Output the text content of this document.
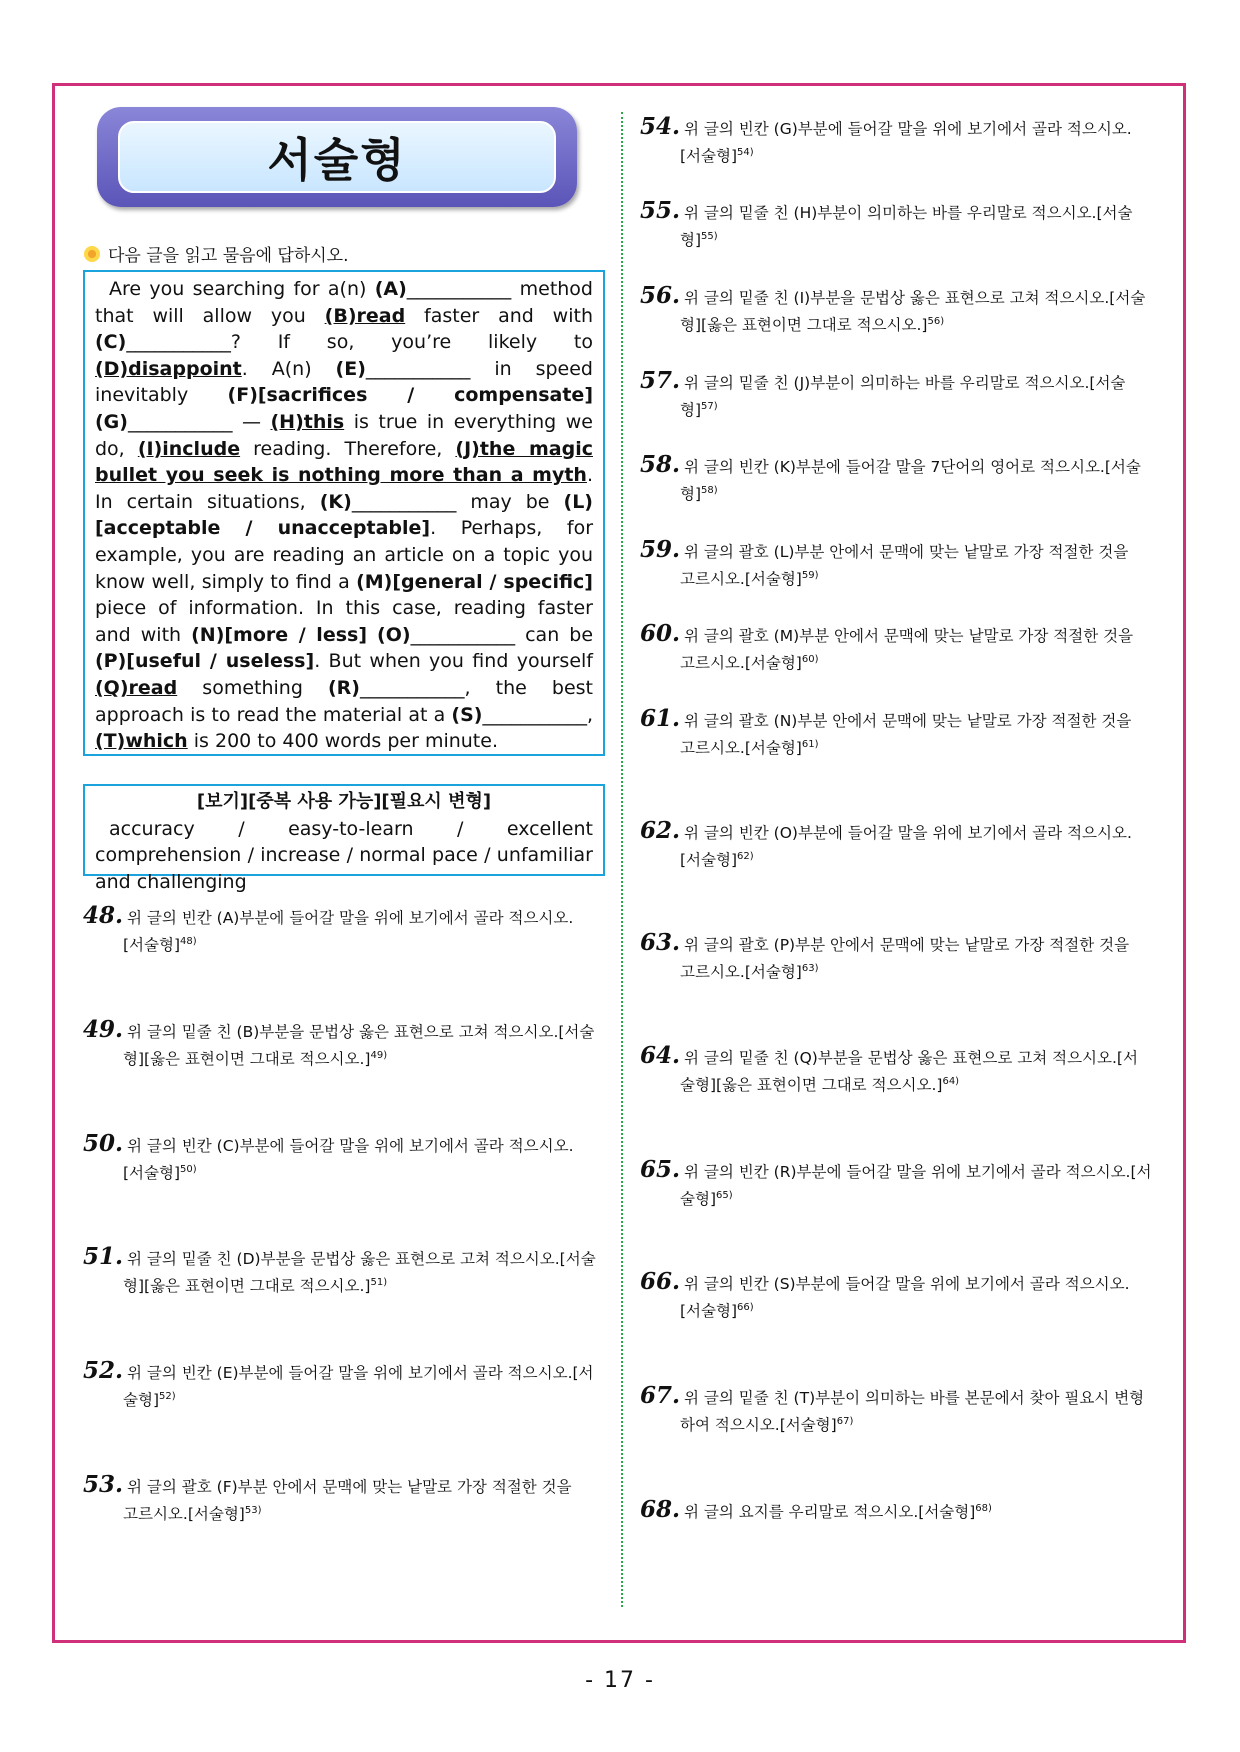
서술형
다음 글을 읽고 물음에 답하시오.
Are you searching for a(n) (A)___________ method that will allow you (B)read faster and with (C)___________? If so, you’re likely to (D)disappoint. A(n) (E)___________ in speed inevitably (F)[sacrifices / compensate] (G)___________ — (H)this is true in everything we do, (I)include reading. Therefore, (J)the magic bullet you seek is nothing more than a myth. In certain situations, (K)___________ may be (L)[acceptable / unacceptable]. Perhaps, for example, you are reading an article on a topic you know well, simply to find a (M)[general / specific] piece of information. In this case, reading faster and with (N)[more / less] (O)___________ can be (P)[useful / useless]. But when you find yourself (Q)read something (R)___________, the best approach is to read the material at a (S)___________, (T)which is 200 to 400 words per minute.
[보기][중복 사용 가능][필요시 변형]
accuracy / easy-to-learn / excellent comprehension / increase / normal pace / unfamiliar and challenging
48. 위 글의 빈칸 (A)부분에 들어갈 말을 위에 보기에서 골라 적으시오.
[서술형]$^{48)}$
49. 위 글의 밑줄 친 (B)부분을 문법상 옳은 표현으로 고쳐 적으시오.[서술
형][옳은 표현이면 그대로 적으시오.]$^{49)}$
50. 위 글의 빈칸 (C)부분에 들어갈 말을 위에 보기에서 골라 적으시오.
[서술형]$^{50)}$
51. 위 글의 밑줄 친 (D)부분을 문법상 옳은 표현으로 고쳐 적으시오.[서술
형][옳은 표현이면 그대로 적으시오.]$^{51)}$
52. 위 글의 빈칸 (E)부분에 들어갈 말을 위에 보기에서 골라 적으시오.[서
술형]$^{52)}$
53. 위 글의 괄호 (F)부분 안에서 문맥에 맞는 낱말로 가장 적절한 것을
고르시오.[서술형]$^{53)}$
54. 위 글의 빈칸 (G)부분에 들어갈 말을 위에 보기에서 골라 적으시오.
[서술형]$^{54)}$
55. 위 글의 밑줄 친 (H)부분이 의미하는 바를 우리말로 적으시오.[서술
형]$^{55)}$
56. 위 글의 밑줄 친 (I)부분을 문법상 옳은 표현으로 고쳐 적으시오.[서술
형][옳은 표현이면 그대로 적으시오.]$^{56)}$
57. 위 글의 밑줄 친 (J)부분이 의미하는 바를 우리말로 적으시오.[서술
형]$^{57)}$
58. 위 글의 빈칸 (K)부분에 들어갈 말을 7단어의 영어로 적으시오.[서술
형]$^{58)}$
59. 위 글의 괄호 (L)부분 안에서 문맥에 맞는 낱말로 가장 적절한 것을
고르시오.[서술형]$^{59)}$
60. 위 글의 괄호 (M)부분 안에서 문맥에 맞는 낱말로 가장 적절한 것을
고르시오.[서술형]$^{60)}$
61. 위 글의 괄호 (N)부분 안에서 문맥에 맞는 낱말로 가장 적절한 것을
고르시오.[서술형]$^{61)}$
62. 위 글의 빈칸 (O)부분에 들어갈 말을 위에 보기에서 골라 적으시오.
[서술형]$^{62)}$
63. 위 글의 괄호 (P)부분 안에서 문맥에 맞는 낱말로 가장 적절한 것을
고르시오.[서술형]$^{63)}$
64. 위 글의 밑줄 친 (Q)부분을 문법상 옳은 표현으로 고쳐 적으시오.[서
술형][옳은 표현이면 그대로 적으시오.]$^{64)}$
65. 위 글의 빈칸 (R)부분에 들어갈 말을 위에 보기에서 골라 적으시오.[서
술형]$^{65)}$
66. 위 글의 빈칸 (S)부분에 들어갈 말을 위에 보기에서 골라 적으시오.
[서술형]$^{66)}$
67. 위 글의 밑줄 친 (T)부분이 의미하는 바를 본문에서 찾아 필요시 변형
하여 적으시오.[서술형]$^{67)}$
68. 위 글의 요지를 우리말로 적으시오.[서술형]$^{68)}$
- 17 -
